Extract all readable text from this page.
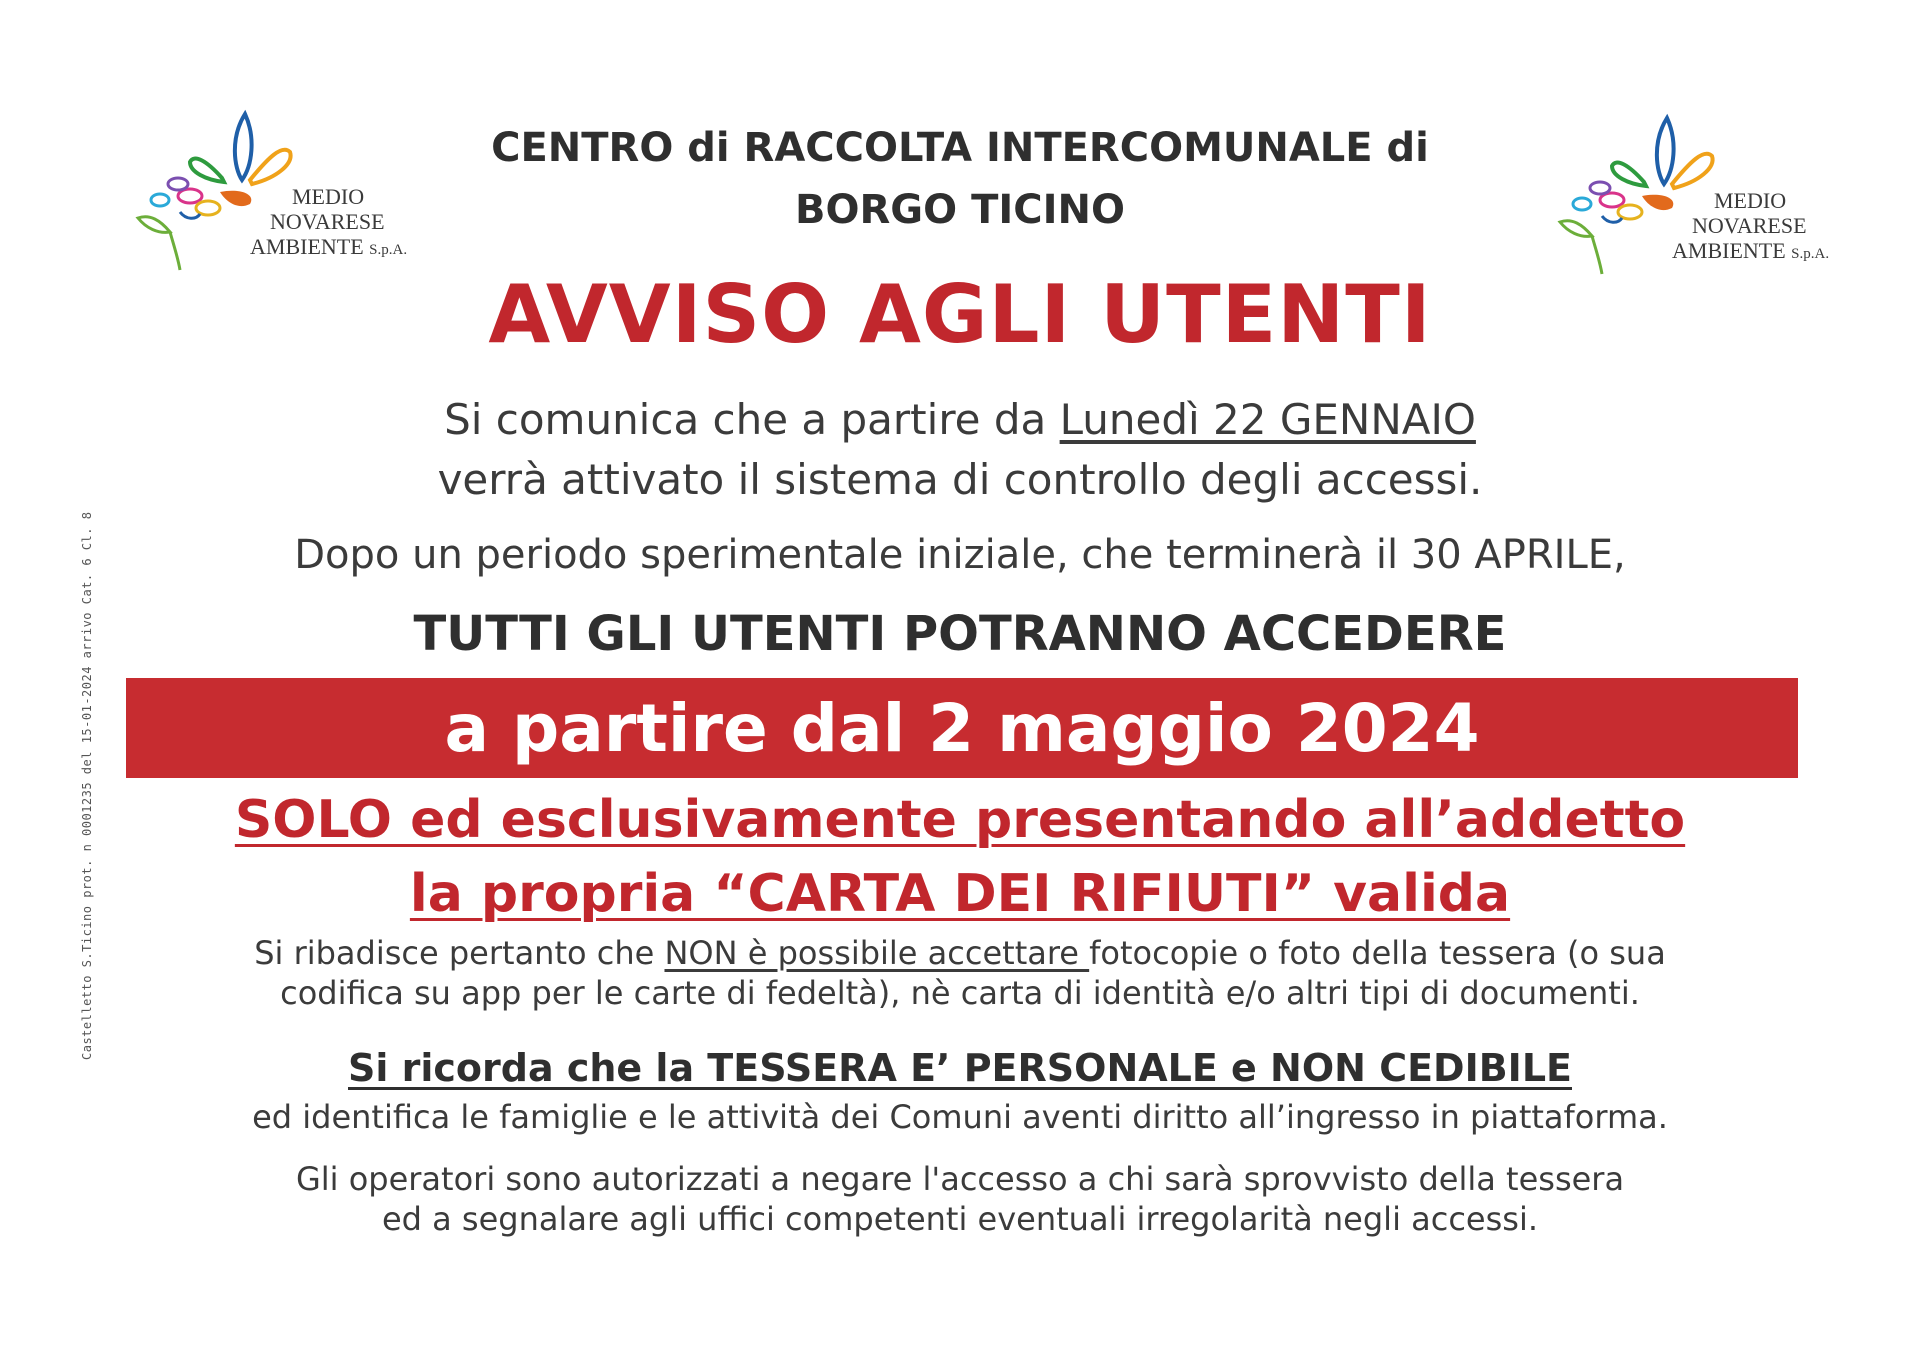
MEDIO
NOVARESE
AMBIENTE S.p.A.
MEDIO
NOVARESE
AMBIENTE S.p.A.
Castelletto S.Ticino prot. n 0001235 del 15-01-2024 arrivo Cat. 6 Cl. 8
CENTRO di RACCOLTA INTERCOMUNALE di
BORGO TICINO
AVVISO AGLI UTENTI
Si comunica che a partire da Lunedì 22 GENNAIO
verrà attivato il sistema di controllo degli accessi.
Dopo un periodo sperimentale iniziale, che terminerà il 30 APRILE,
TUTTI GLI UTENTI POTRANNO ACCEDERE
a partire dal 2 maggio 2024
SOLO ed esclusivamente presentando all’addetto
la propria “CARTA DEI RIFIUTI” valida
Si ribadisce pertanto che NON è possibile accettare fotocopie o foto della tessera (o sua
codifica su app per le carte di fedeltà), nè carta di identità e/o altri tipi di documenti.
Si ricorda che la TESSERA E’ PERSONALE e NON CEDIBILE
ed identifica le famiglie e le attività dei Comuni aventi diritto all’ingresso in piattaforma.
Gli operatori sono autorizzati a negare l'accesso a chi sarà sprovvisto della tessera
ed a segnalare agli uffici competenti eventuali irregolarità negli accessi.
